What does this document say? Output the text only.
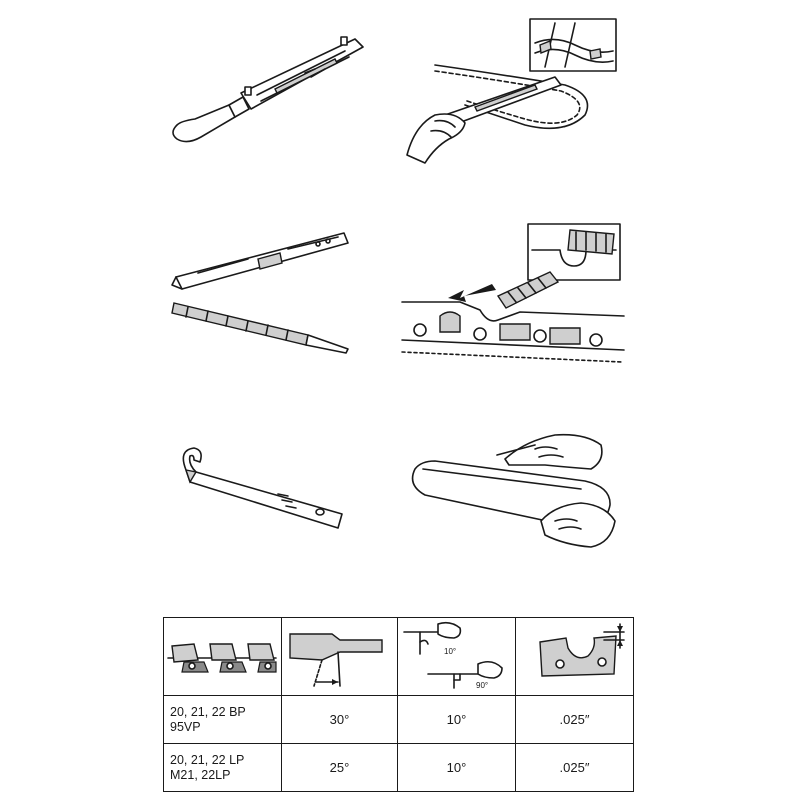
10°
90°

20, 21, 22 BP
95VP	30°	10°	.025″

20, 21, 22 LP
M21, 22LP	25°	10°	.025″
